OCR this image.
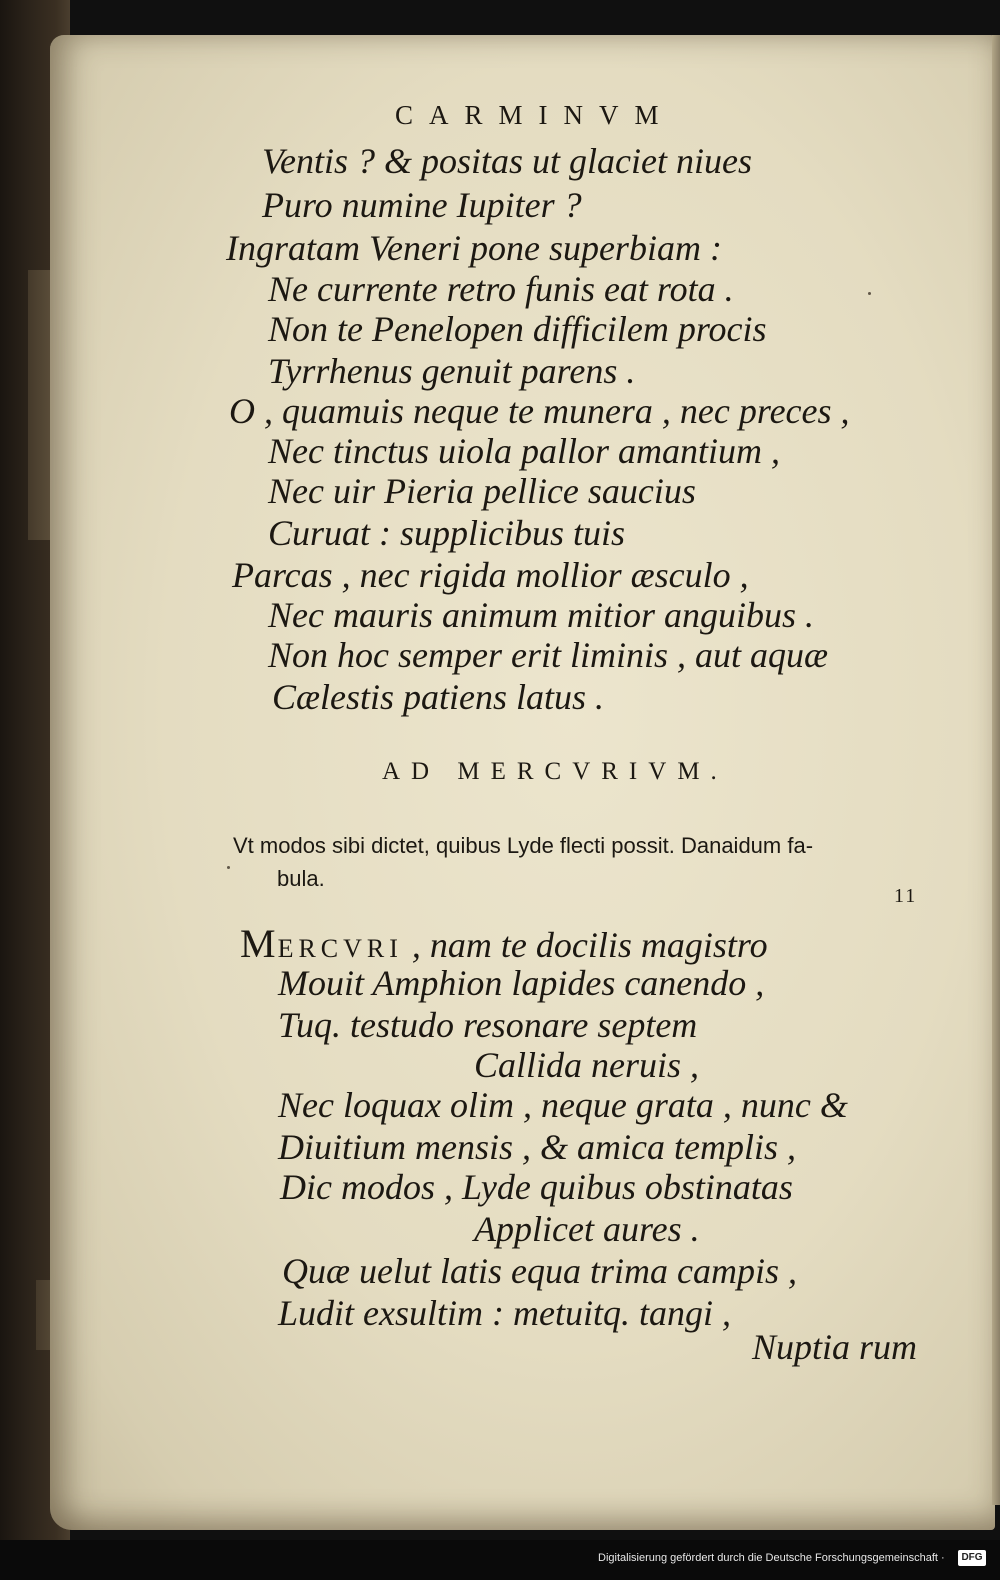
CARMINVM
Ventis ? & positas ut glaciet niues
Puro numine Iupiter ?
Ingratam Veneri pone superbiam :
Ne currente retro funis eat rota .
Non te Penelopen difficilem procis
Tyrrhenus genuit parens .
O , quamuis neque te munera , nec preces ,
Nec tinctus uiola pallor amantium ,
Nec uir Pieria pellice saucius
Curuat : supplicibus tuis
Parcas , nec rigida mollior æsculo ,
Nec mauris animum mitior anguibus .
Non hoc semper erit liminis , aut aquæ
Cælestis patiens latus .
AD MERCVRIVM.
Vt modos sibi dictet, quibus Lyde flecti possit. Danaidum fa-
bula.
11
MERCVRI , nam te docilis magistro
Mouit Amphion lapides canendo ,
Tuq. testudo resonare septem
Callida neruis ,
Nec loquax olim , neque grata , nunc &
Diuitium mensis , & amica templis ,
Dic modos , Lyde quibus obstinatas
Applicet aures .
Quæ uelut latis equa trima campis ,
Ludit exsultim : metuitq. tangi ,
Nuptia rum
Digitalisierung gefördert durch die Deutsche Forschungsgemeinschaft ·	DFG
